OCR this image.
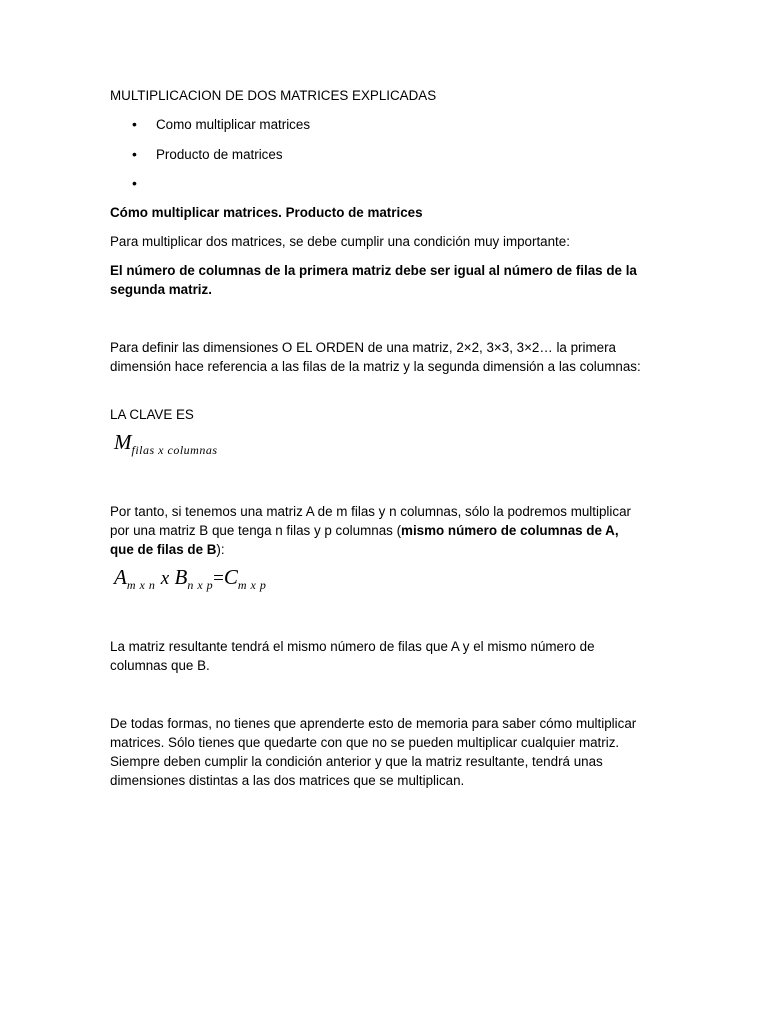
MULTIPLICACION DE DOS MATRICES EXPLICADAS
• Como multiplicar matrices
• Producto de matrices
•
Cómo multiplicar matrices. Producto de matrices
Para multiplicar dos matrices, se debe cumplir una condición muy importante:
El número de columnas de la primera matriz debe ser igual al número de filas de la segunda matriz.
Para definir las dimensiones O EL ORDEN de una matriz, 2×2, 3×3, 3×2… la primera dimensión hace referencia a las filas de la matriz y la segunda dimensión a las columnas:
LA CLAVE ES
Mfilas x columnas
Por tanto, si tenemos una matriz A de m filas y n columnas, sólo la podremos multiplicar por una matriz B que tenga n filas y p columnas (mismo número de columnas de A, que de filas de B):
Am x n x Bn x p=Cm x p
La matriz resultante tendrá el mismo número de filas que A y el mismo número de columnas que B.
De todas formas, no tienes que aprenderte esto de memoria para saber cómo multiplicar matrices. Sólo tienes que quedarte con que no se pueden multiplicar cualquier matriz. Siempre deben cumplir la condición anterior y que la matriz resultante, tendrá unas dimensiones distintas a las dos matrices que se multiplican.
